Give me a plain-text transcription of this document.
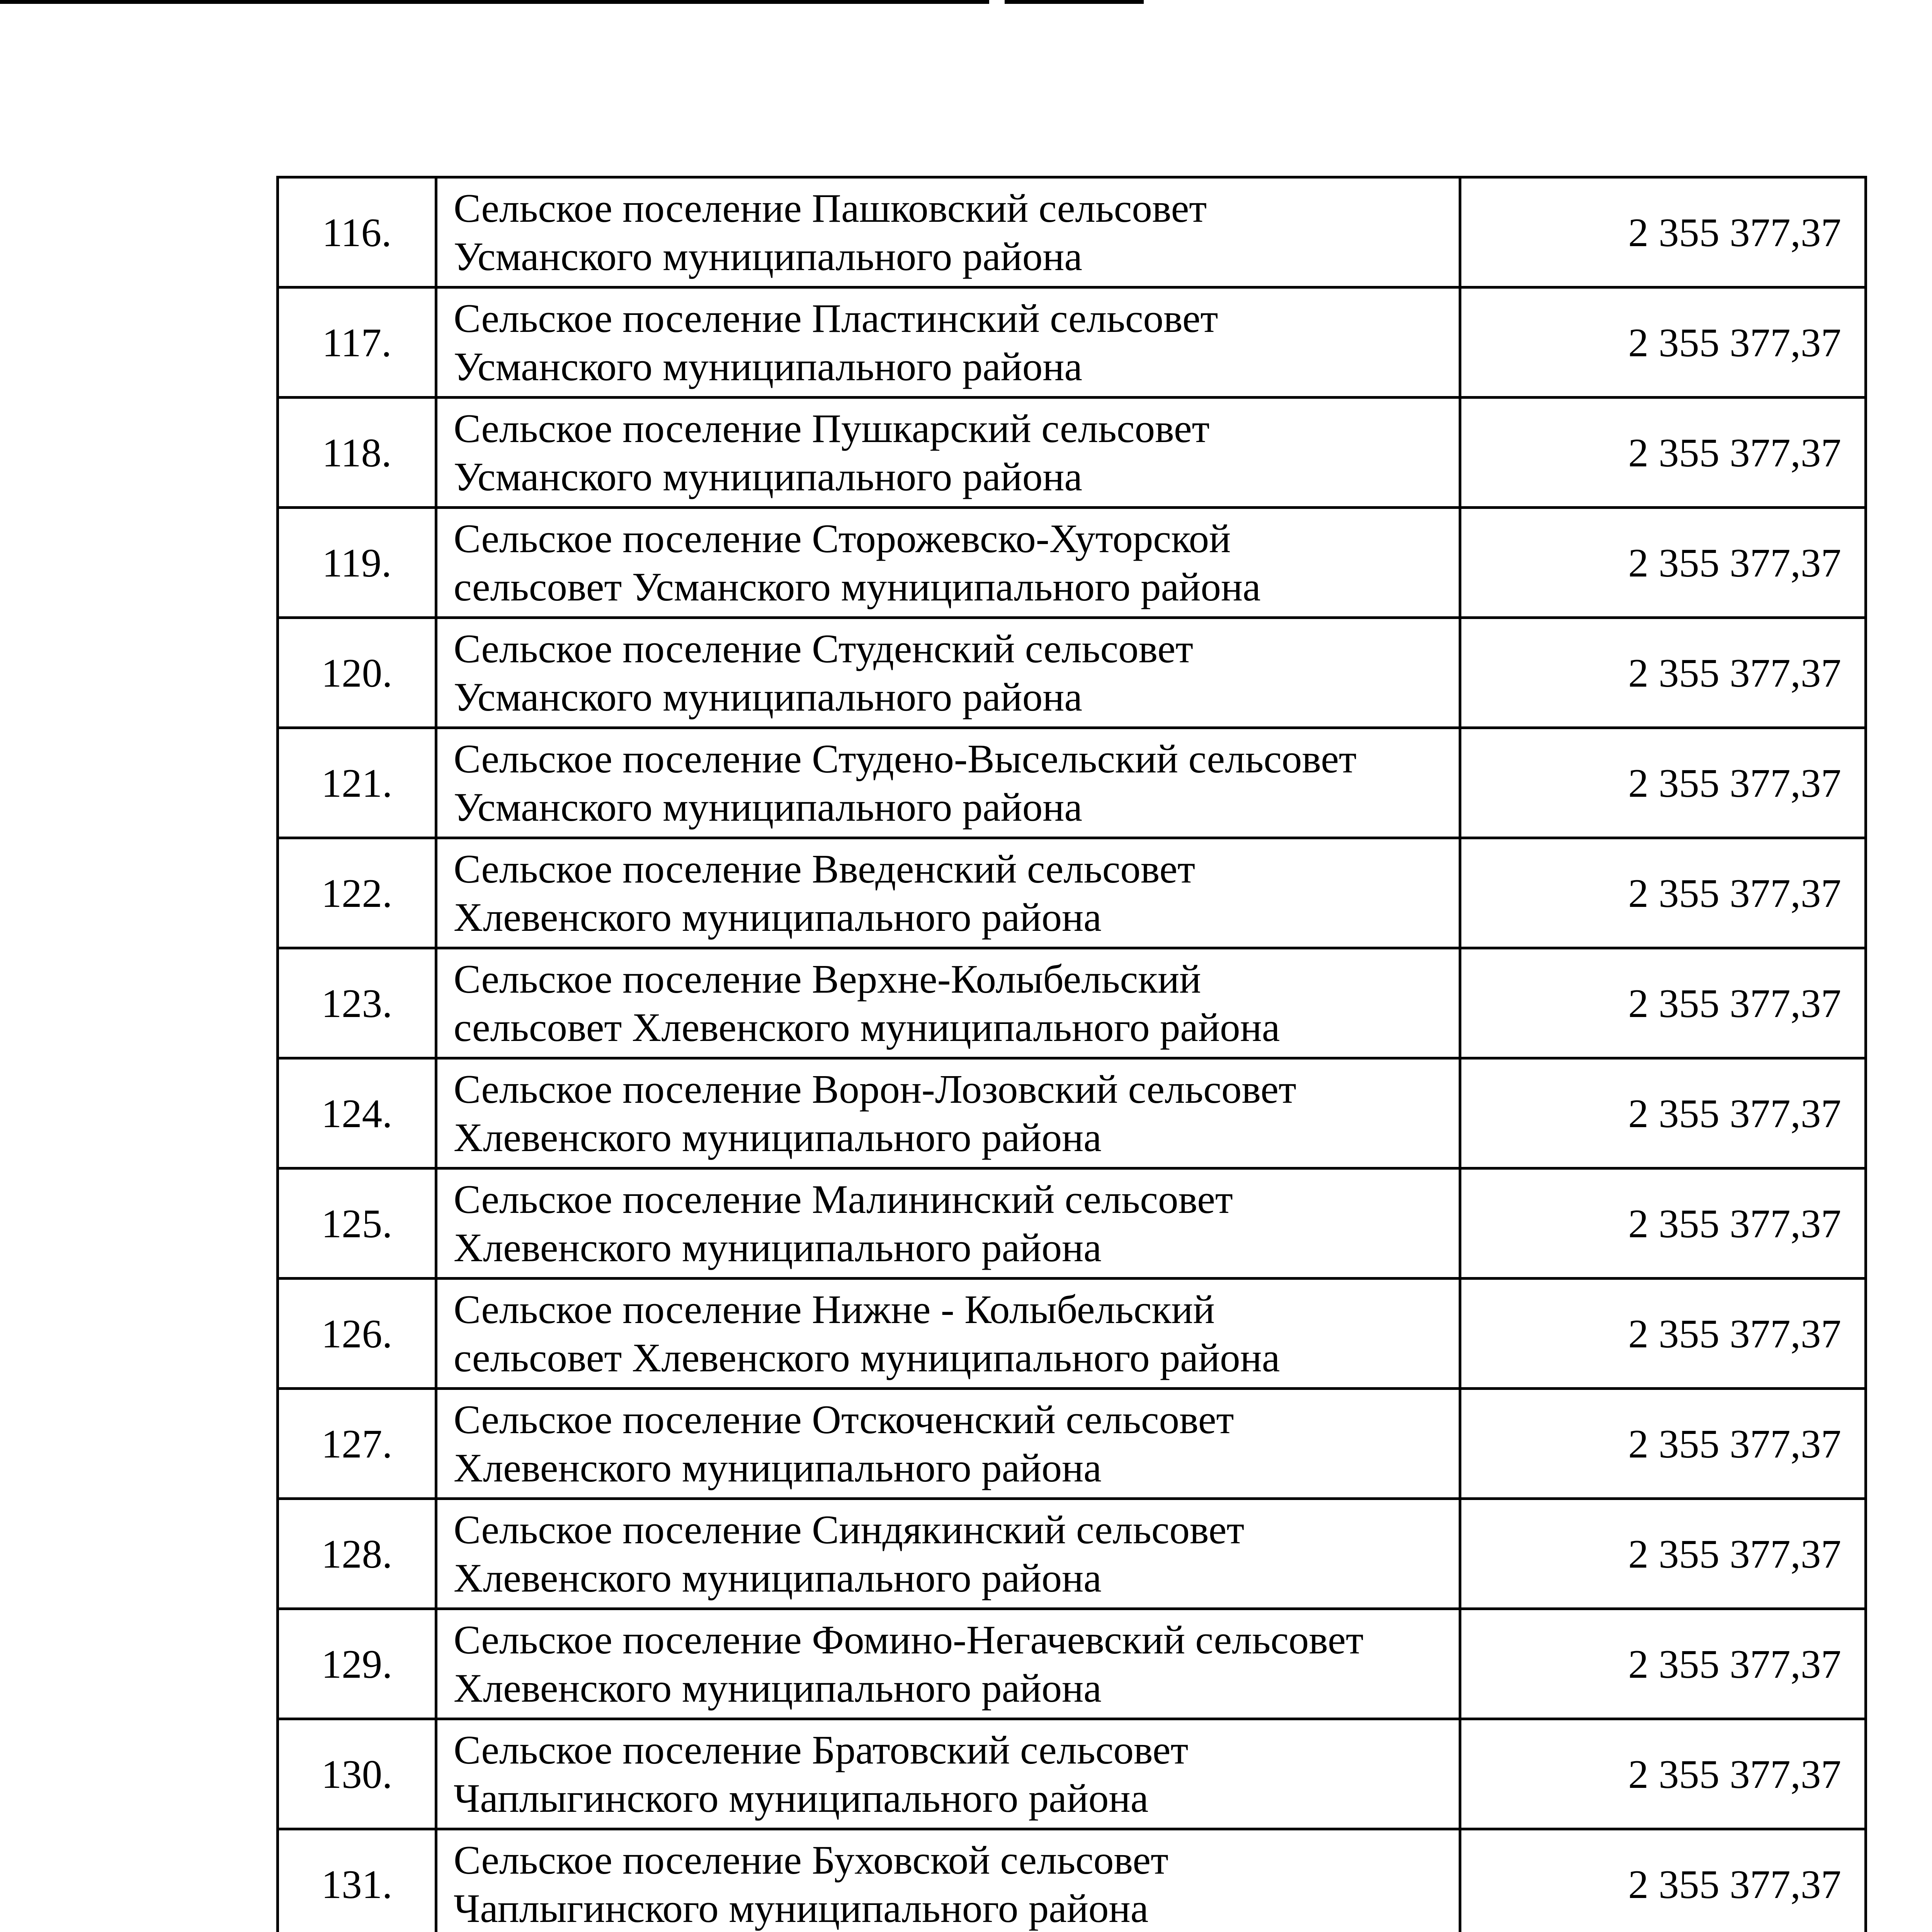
116.	Сельское поселение Пашковский сельсовет
Усманского муниципального района	2 355 377,37
117.	Сельское поселение Пластинский сельсовет
Усманского муниципального района	2 355 377,37
118.	Сельское поселение Пушкарский сельсовет
Усманского муниципального района	2 355 377,37
119.	Сельское поселение Сторожевско-Хуторской
сельсовет Усманского муниципального района	2 355 377,37
120.	Сельское поселение Студенский сельсовет
Усманского муниципального района	2 355 377,37
121.	Сельское поселение Студено-Высельский сельсовет
Усманского муниципального района	2 355 377,37
122.	Сельское поселение Введенский сельсовет
Хлевенского муниципального района	2 355 377,37
123.	Сельское поселение Верхне-Колыбельский
сельсовет Хлевенского муниципального района	2 355 377,37
124.	Сельское поселение Ворон-Лозовский сельсовет
Хлевенского муниципального района	2 355 377,37
125.	Сельское поселение Малининский сельсовет
Хлевенского муниципального района	2 355 377,37
126.	Сельское поселение Нижне - Колыбельский
сельсовет Хлевенского муниципального района	2 355 377,37
127.	Сельское поселение Отскоченский сельсовет
Хлевенского муниципального района	2 355 377,37
128.	Сельское поселение Синдякинский сельсовет
Хлевенского муниципального района	2 355 377,37
129.	Сельское поселение Фомино-Негачевский сельсовет
Хлевенского муниципального района	2 355 377,37
130.	Сельское поселение Братовский сельсовет
Чаплыгинского муниципального района	2 355 377,37
131.	Сельское поселение Буховской сельсовет
Чаплыгинского муниципального района	2 355 377,37
